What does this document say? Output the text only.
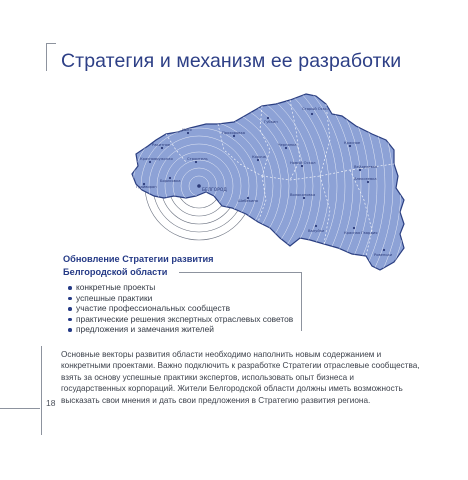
Стратегия и механизм ее разработки
Старый Оскол
Губкин
Прохоровка
Ивня
Ракитное
Грайворон
Борисовка
Строитель
Краснояружская	Короча
Чернянка
Новый Оскол
Красное
Вейделевка
Алексеевка
Волоконовка
Шебекино
Валуйки
Ровеньки
Красная Гвардия
БЕЛГОРОД
Обновление Стратегии развития
Белгородской области
конкретные проекты
успешные практики
участие профессиональных сообществ
практические решения экспертных отраслевых советов
предложения и замечания жителей

Основные векторы развития области необходимо наполнить новым содержанием и конкретными проектами. Важно подключить к разработке Стратегии отраслевые сообщества, взять за основу успешные практики экспертов, использовать опыт бизнеса и государственных корпораций. Жители Белгородской области должны иметь возможность высказать свои мнения и дать свои предложения в Стратегию развития региона.

18
